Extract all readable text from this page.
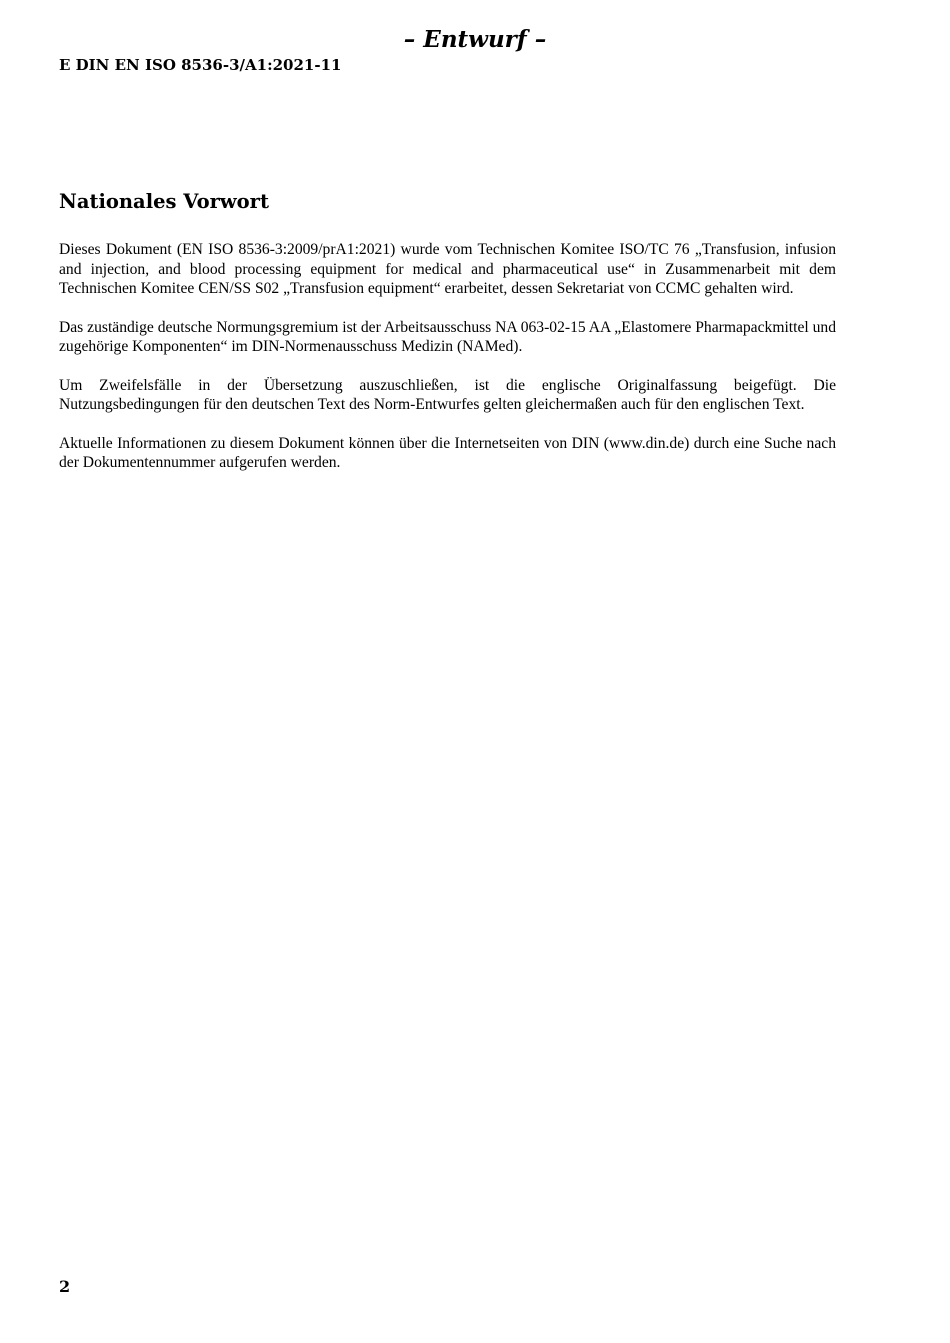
– Entwurf –
E DIN EN ISO 8536-3/A1:2021-11
Nationales Vorwort

Dieses Dokument (EN ISO 8536-3:2009/prA1:2021) wurde vom Technischen Komitee ISO/TC 76 „Transfusion, infusion and injection, and blood processing equipment for medical and pharmaceutical use“ in Zusammenarbeit mit dem Technischen Komitee CEN/SS S02 „Transfusion equipment“ erarbeitet, dessen Sekretariat von CCMC gehalten wird.

Das zuständige deutsche Normungsgremium ist der Arbeitsausschuss NA 063-02-15 AA „Elastomere Pharmapackmittel und zugehörige Komponenten“ im DIN-Normenausschuss Medizin (NAMed).

Um Zweifelsfälle in der Übersetzung auszuschließen, ist die englische Originalfassung beigefügt. Die Nutzungsbedingungen für den deutschen Text des Norm-Entwurfes gelten gleichermaßen auch für den englischen Text.

Aktuelle Informationen zu diesem Dokument können über die Internetseiten von DIN (www.din.de) durch eine Suche nach der Dokumentennummer aufgerufen werden.

2
